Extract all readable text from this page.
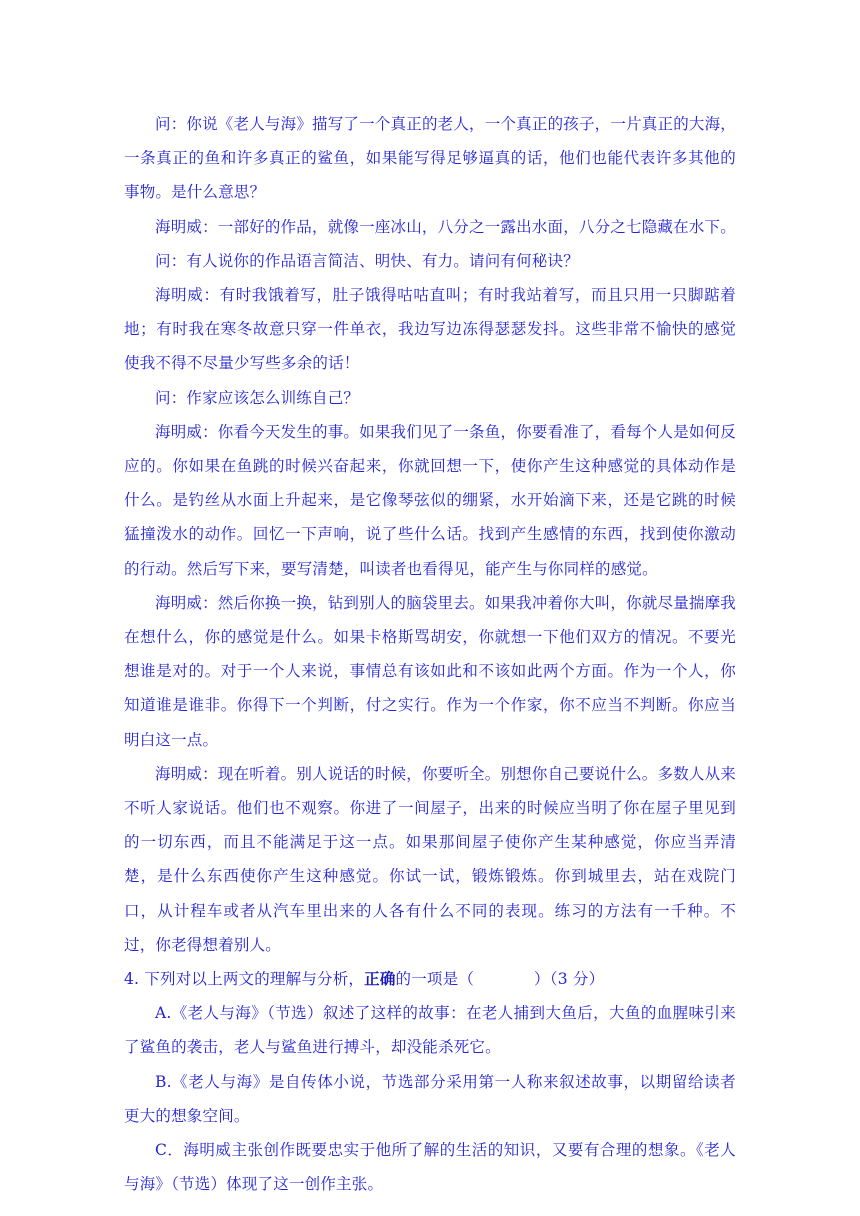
问：你说《老人与海》描写了一个真正的老人，一个真正的孩子，一片真正的大海，一条真正的鱼和许多真正的鲨鱼，如果能写得足够逼真的话，他们也能代表许多其他的事物。是什么意思？

海明威：一部好的作品，就像一座冰山，八分之一露出水面，八分之七隐藏在水下。

问：有人说你的作品语言简洁、明快、有力。请问有何秘诀？

海明威：有时我饿着写，肚子饿得咕咕直叫；有时我站着写，而且只用一只脚踮着地；有时我在寒冬故意只穿一件单衣，我边写边冻得瑟瑟发抖。这些非常不愉快的感觉使我不得不尽量少写些多余的话！

问：作家应该怎么训练自己？

海明威：你看今天发生的事。如果我们见了一条鱼，你要看准了，看每个人是如何反应的。你如果在鱼跳的时候兴奋起来，你就回想一下，使你产生这种感觉的具体动作是什么。是钓丝从水面上升起来，是它像琴弦似的绷紧，水开始滴下来，还是它跳的时候猛撞泼水的动作。回忆一下声响，说了些什么话。找到产生感情的东西，找到使你激动的行动。然后写下来，要写清楚，叫读者也看得见，能产生与你同样的感觉。

海明威：然后你换一换，钻到别人的脑袋里去。如果我冲着你大叫，你就尽量揣摩我在想什么，你的感觉是什么。如果卡格斯骂胡安，你就想一下他们双方的情况。不要光想谁是对的。对于一个人来说，事情总有该如此和不该如此两个方面。作为一个人，你知道谁是谁非。你得下一个判断，付之实行。作为一个作家，你不应当不判断。你应当明白这一点。

海明威：现在听着。别人说话的时候，你要听全。别想你自己要说什么。多数人从来不听人家说话。他们也不观察。你进了一间屋子，出来的时候应当明了你在屋子里见到的一切东西，而且不能满足于这一点。如果那间屋子使你产生某种感觉，你应当弄清楚，是什么东西使你产生这种感觉。你试一试，锻炼锻炼。你到城里去，站在戏院门口，从计程车或者从汽车里出来的人各有什么不同的表现。练习的方法有一千种。不过，你老得想着别人。

4. 下列对以上两文的理解与分析，正确的一项是（	）（3 分）

A.《老人与海》（节选）叙述了这样的故事：在老人捕到大鱼后，大鱼的血腥味引来了鲨鱼的袭击，老人与鲨鱼进行搏斗，却没能杀死它。

B.《老人与海》是自传体小说，节选部分采用第一人称来叙述故事，以期留给读者更大的想象空间。

C．海明威主张创作既要忠实于他所了解的生活的知识，又要有合理的想象。《老人与海》（节选）体现了这一创作主张。
